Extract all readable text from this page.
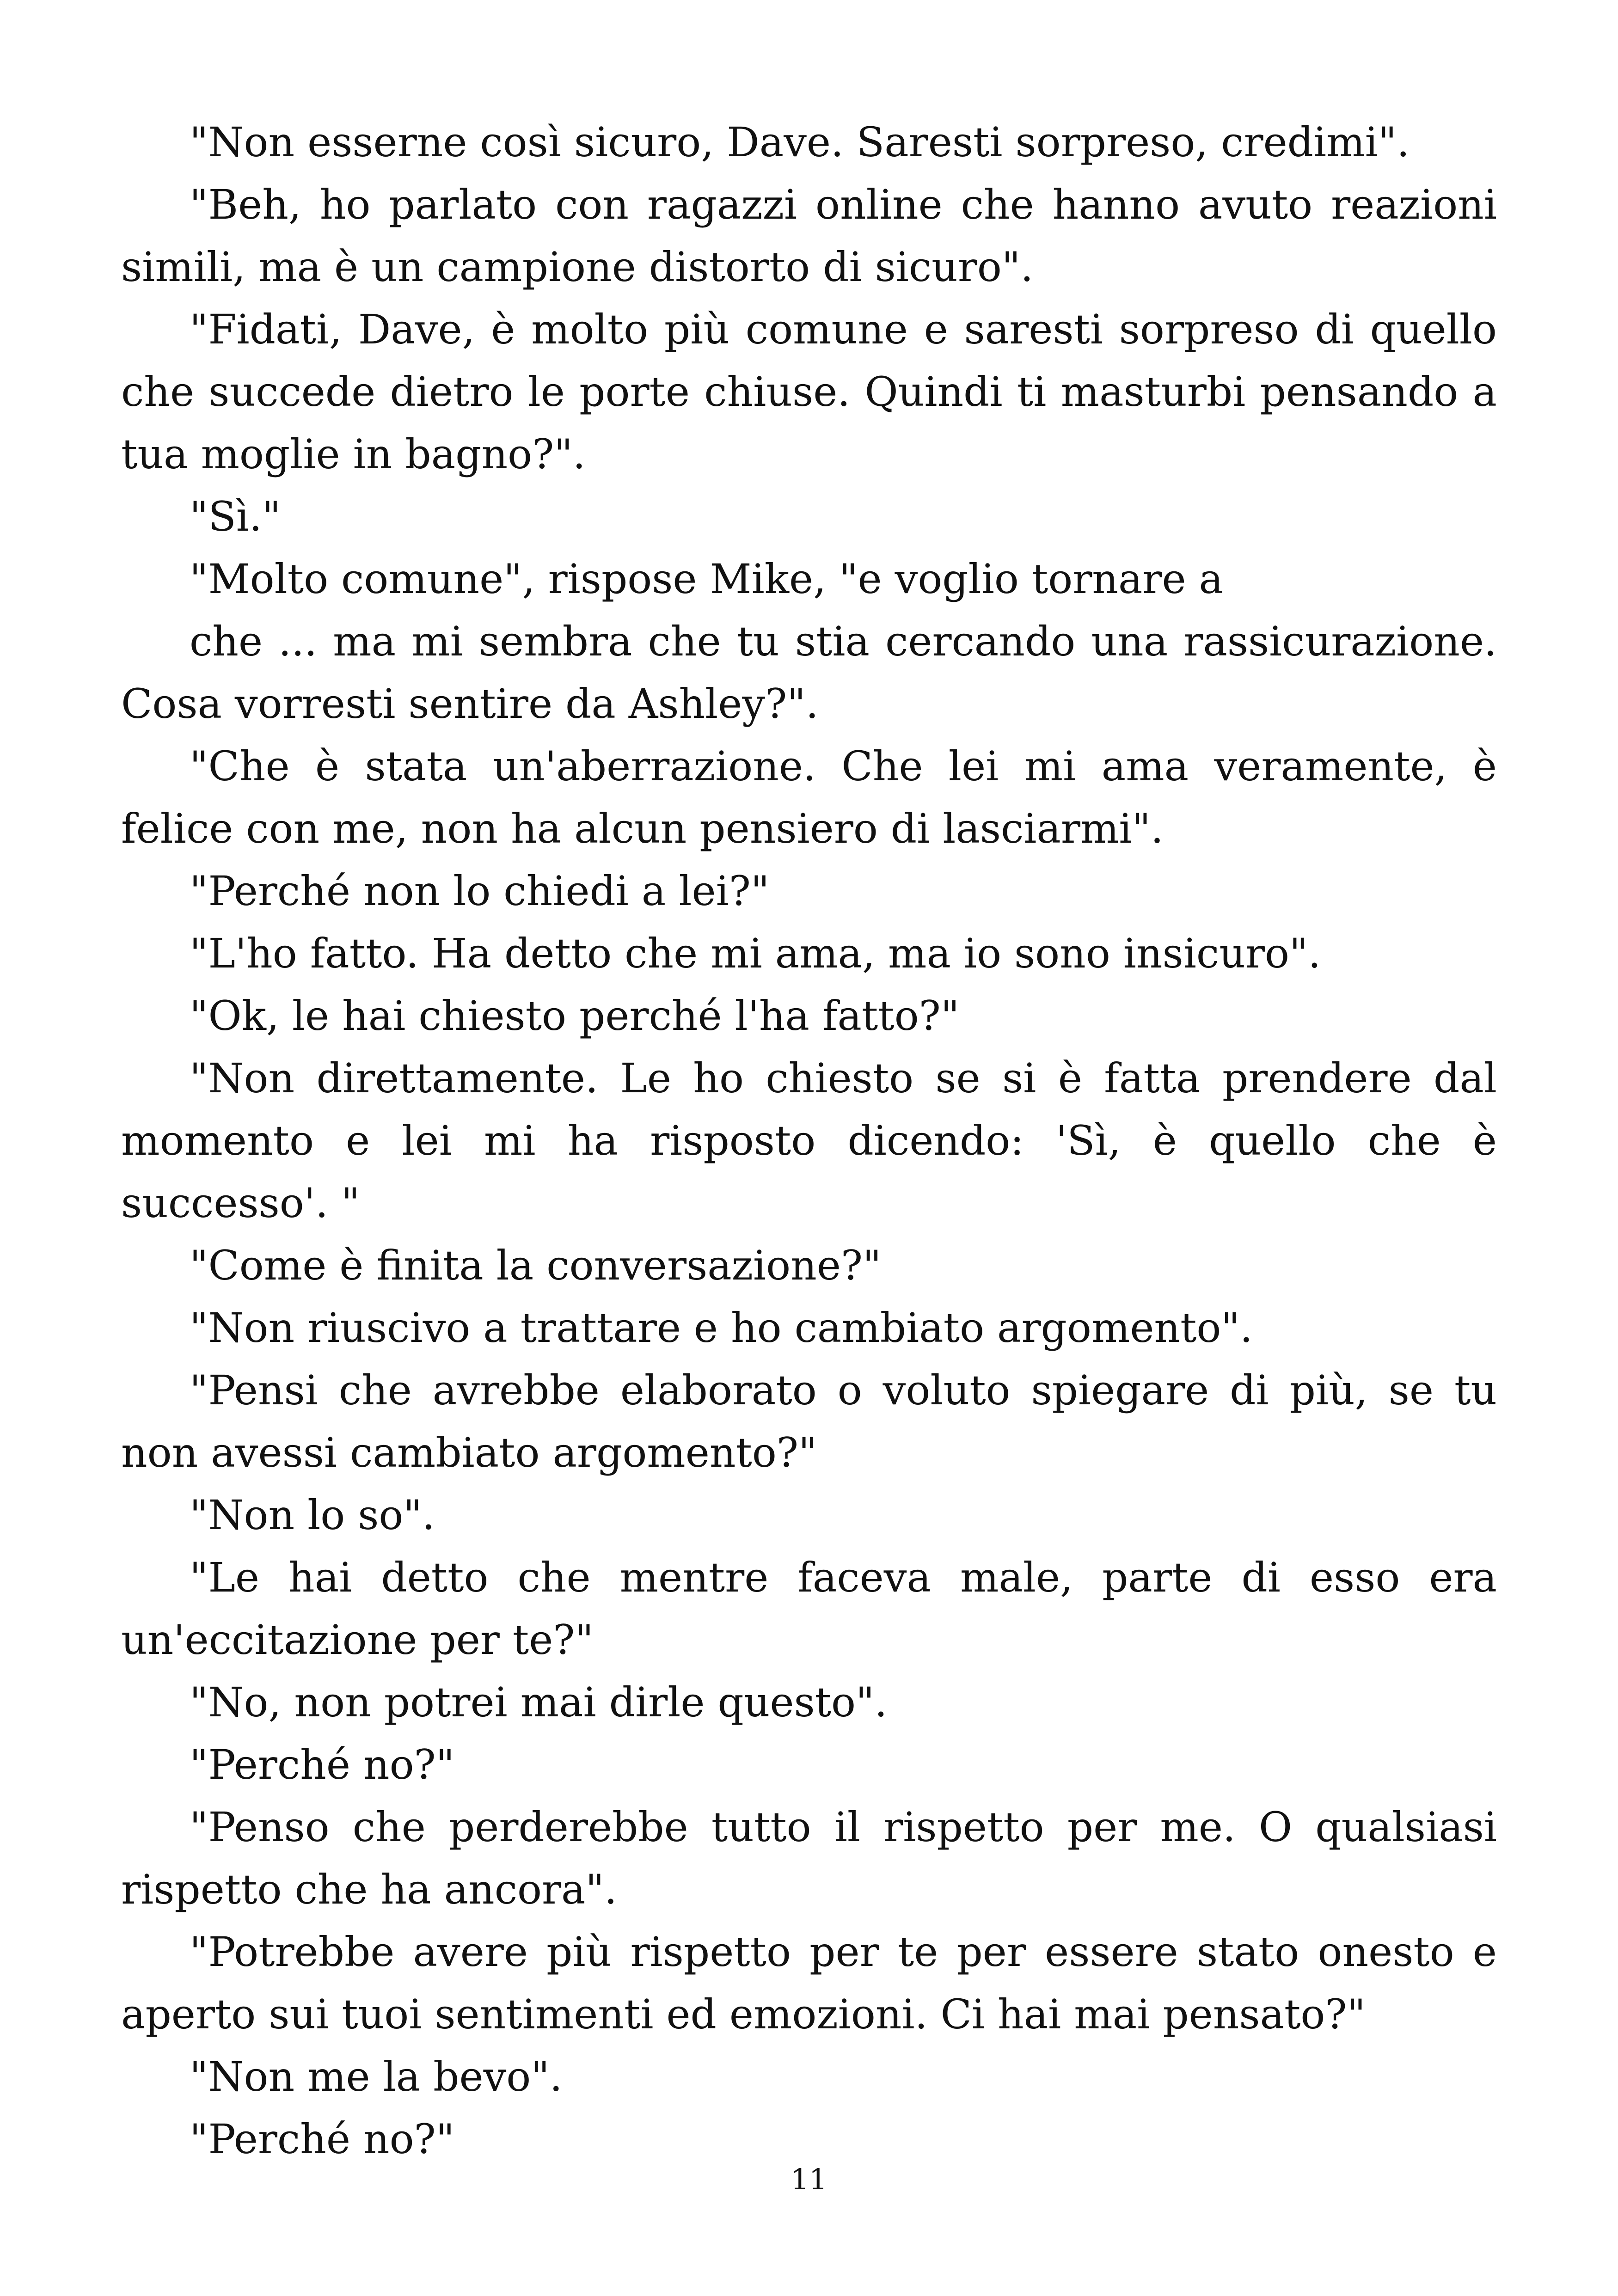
"Non esserne così sicuro, Dave. Saresti sorpreso, credimi".

"Beh, ho parlato con ragazzi online che hanno avuto reazioni simili, ma è un campione distorto di sicuro".

"Fidati, Dave, è molto più comune e saresti sorpreso di quello che succede dietro le porte chiuse. Quindi ti masturbi pensando a tua moglie in bagno?".

"Sì."

"Molto comune", rispose Mike, "e voglio tornare a

che ... ma mi sembra che tu stia cercando una rassicurazione. Cosa vorresti sentire da Ashley?".

"Che è stata un'aberrazione. Che lei mi ama veramente, è felice con me, non ha alcun pensiero di lasciarmi".

"Perché non lo chiedi a lei?"

"L'ho fatto. Ha detto che mi ama, ma io sono insicuro".

"Ok, le hai chiesto perché l'ha fatto?"

"Non direttamente. Le ho chiesto se si è fatta prendere dal momento e lei mi ha risposto dicendo: 'Sì, è quello che è successo'. "

"Come è finita la conversazione?"

"Non riuscivo a trattare e ho cambiato argomento".

"Pensi che avrebbe elaborato o voluto spiegare di più, se tu non avessi cambiato argomento?"

"Non lo so".

"Le hai detto che mentre faceva male, parte di esso era un'eccitazione per te?"

"No, non potrei mai dirle questo".

"Perché no?"

"Penso che perderebbe tutto il rispetto per me. O qualsiasi rispetto che ha ancora".

"Potrebbe avere più rispetto per te per essere stato onesto e aperto sui tuoi sentimenti ed emozioni. Ci hai mai pensato?"

"Non me la bevo".

"Perché no?"

11
